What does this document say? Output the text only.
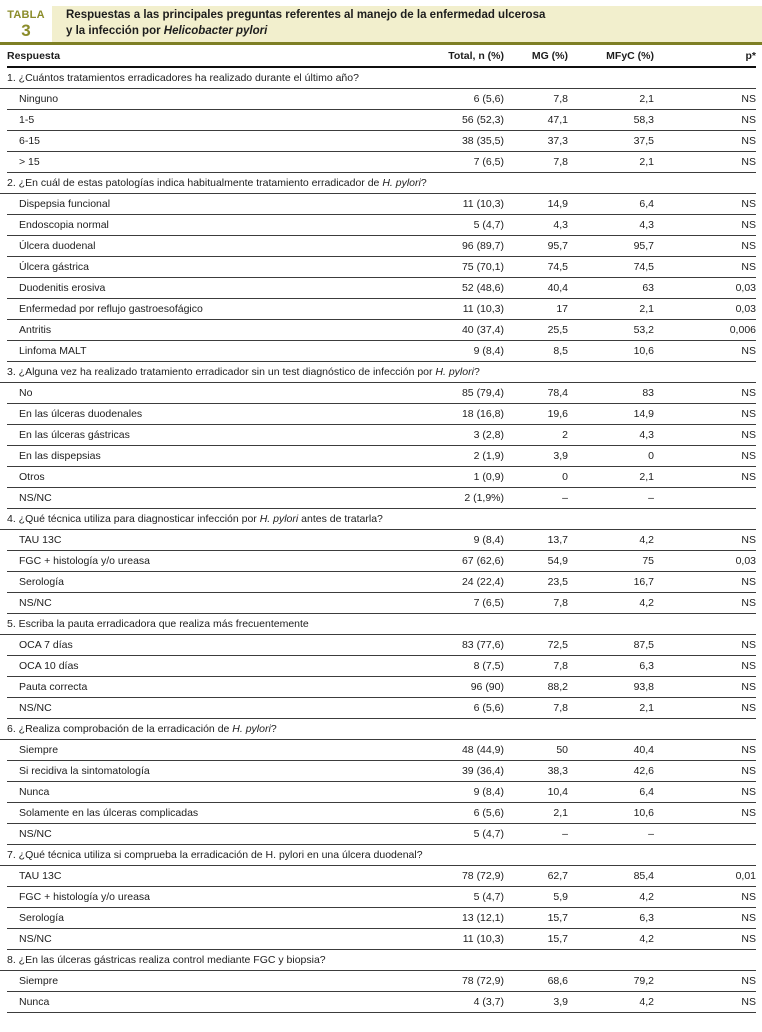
TABLA
3
Respuestas a las principales preguntas referentes al manejo de la enfermedad ulcerosa
y la infección por Helicobacter pylori
Respuesta	Total, n (%)	MG (%)	MFyC (%)	p*
1. ¿Cuántos tratamientos erradicadores ha realizado durante el último año?
Ninguno	6 (5,6)	7,8	2,1	NS
1-5	56 (52,3)	47,1	58,3	NS
6-15	38 (35,5)	37,3	37,5	NS
> 15	7 (6,5)	7,8	2,1	NS
2. ¿En cuál de estas patologías indica habitualmente tratamiento erradicador de H. pylori?
Dispepsia funcional	11 (10,3)	14,9	6,4	NS
Endoscopia normal	5 (4,7)	4,3	4,3	NS
Úlcera duodenal	96 (89,7)	95,7	95,7	NS
Úlcera gástrica	75 (70,1)	74,5	74,5	NS
Duodenitis erosiva	52 (48,6)	40,4	63	0,03
Enfermedad por reflujo gastroesofágico	11 (10,3)	17	2,1	0,03
Antritis	40 (37,4)	25,5	53,2	0,006
Linfoma MALT	9 (8,4)	8,5	10,6	NS
3. ¿Alguna vez ha realizado tratamiento erradicador sin un test diagnóstico de infección por H. pylori?
No	85 (79,4)	78,4	83	NS
En las úlceras duodenales	18 (16,8)	19,6	14,9	NS
En las úlceras gástricas	3 (2,8)	2	4,3	NS
En las dispepsias	2 (1,9)	3,9	0	NS
Otros	1 (0,9)	0	2,1	NS
NS/NC	2 (1,9%)	–	–
4. ¿Qué técnica utiliza para diagnosticar infección por H. pylori antes de tratarla?
TAU 13C	9 (8,4)	13,7	4,2	NS
FGC + histología y/o ureasa	67 (62,6)	54,9	75	0,03
Serología	24 (22,4)	23,5	16,7	NS
NS/NC	7 (6,5)	7,8	4,2	NS
5. Escriba la pauta erradicadora que realiza más frecuentemente
OCA 7 días	83 (77,6)	72,5	87,5	NS
OCA 10 días	8 (7,5)	7,8	6,3	NS
Pauta correcta	96 (90)	88,2	93,8	NS
NS/NC	6 (5,6)	7,8	2,1	NS
6. ¿Realiza comprobación de la erradicación de H. pylori?
Siempre	48 (44,9)	50	40,4	NS
Si recidiva la sintomatología	39 (36,4)	38,3	42,6	NS
Nunca	9 (8,4)	10,4	6,4	NS
Solamente en las úlceras complicadas	6 (5,6)	2,1	10,6	NS
NS/NC	5 (4,7)	–	–
7. ¿Qué técnica utiliza si comprueba la erradicación de H. pylori en una úlcera duodenal?
TAU 13C	78 (72,9)	62,7	85,4	0,01
FGC + histología y/o ureasa	5 (4,7)	5,9	4,2	NS
Serología	13 (12,1)	15,7	6,3	NS
NS/NC	11 (10,3)	15,7	4,2	NS
8. ¿En las úlceras gástricas realiza control mediante FGC y biopsia?
Siempre	78 (72,9)	68,6	79,2	NS
Nunca	4 (3,7)	3,9	4,2	NS
